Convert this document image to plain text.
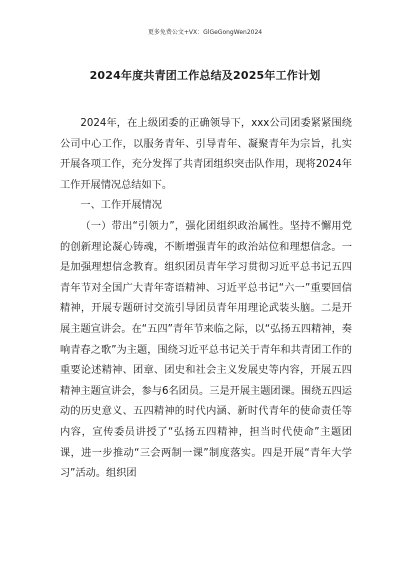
更多免费公文+VX：GlGeGongWen2024
2024年度共青团工作总结及2025年工作计划

2024年，在上级团委的正确领导下，xxx公司团委紧紧围绕公司中心工作，以服务青年、引导青年、凝聚青年为宗旨，扎实开展各项工作，充分发挥了共青团组织突击队作用，现将2024年工作开展情况总结如下。

一、工作开展情况

（一）带出“引领力”，强化团组织政治属性。坚持不懈用党的创新理论凝心铸魂，不断增强青年的政治站位和理想信念。一是加强理想信念教育。组织团员青年学习贯彻习近平总书记五四青年节对全国广大青年寄语精神、习近平总书记“六一”重要回信精神，开展专题研讨交流引导团员青年用理论武装头脑。二是开展主题宣讲会。在“五四”青年节来临之际，以“弘扬五四精神，奏响青春之歌”为主题，围绕习近平总书记关于青年和共青团工作的重要论述精神、团章、团史和社会主义发展史等内容，开展五四精神主题宣讲会，参与6名团员。三是开展主题团课。围绕五四运动的历史意义、五四精神的时代内涵、新时代青年的使命责任等内容，宣传委员讲授了“弘扬五四精神，担当时代使命”主题团课，进一步推动“三会两制一课”制度落实。四是开展“青年大学习”活动。组织团
